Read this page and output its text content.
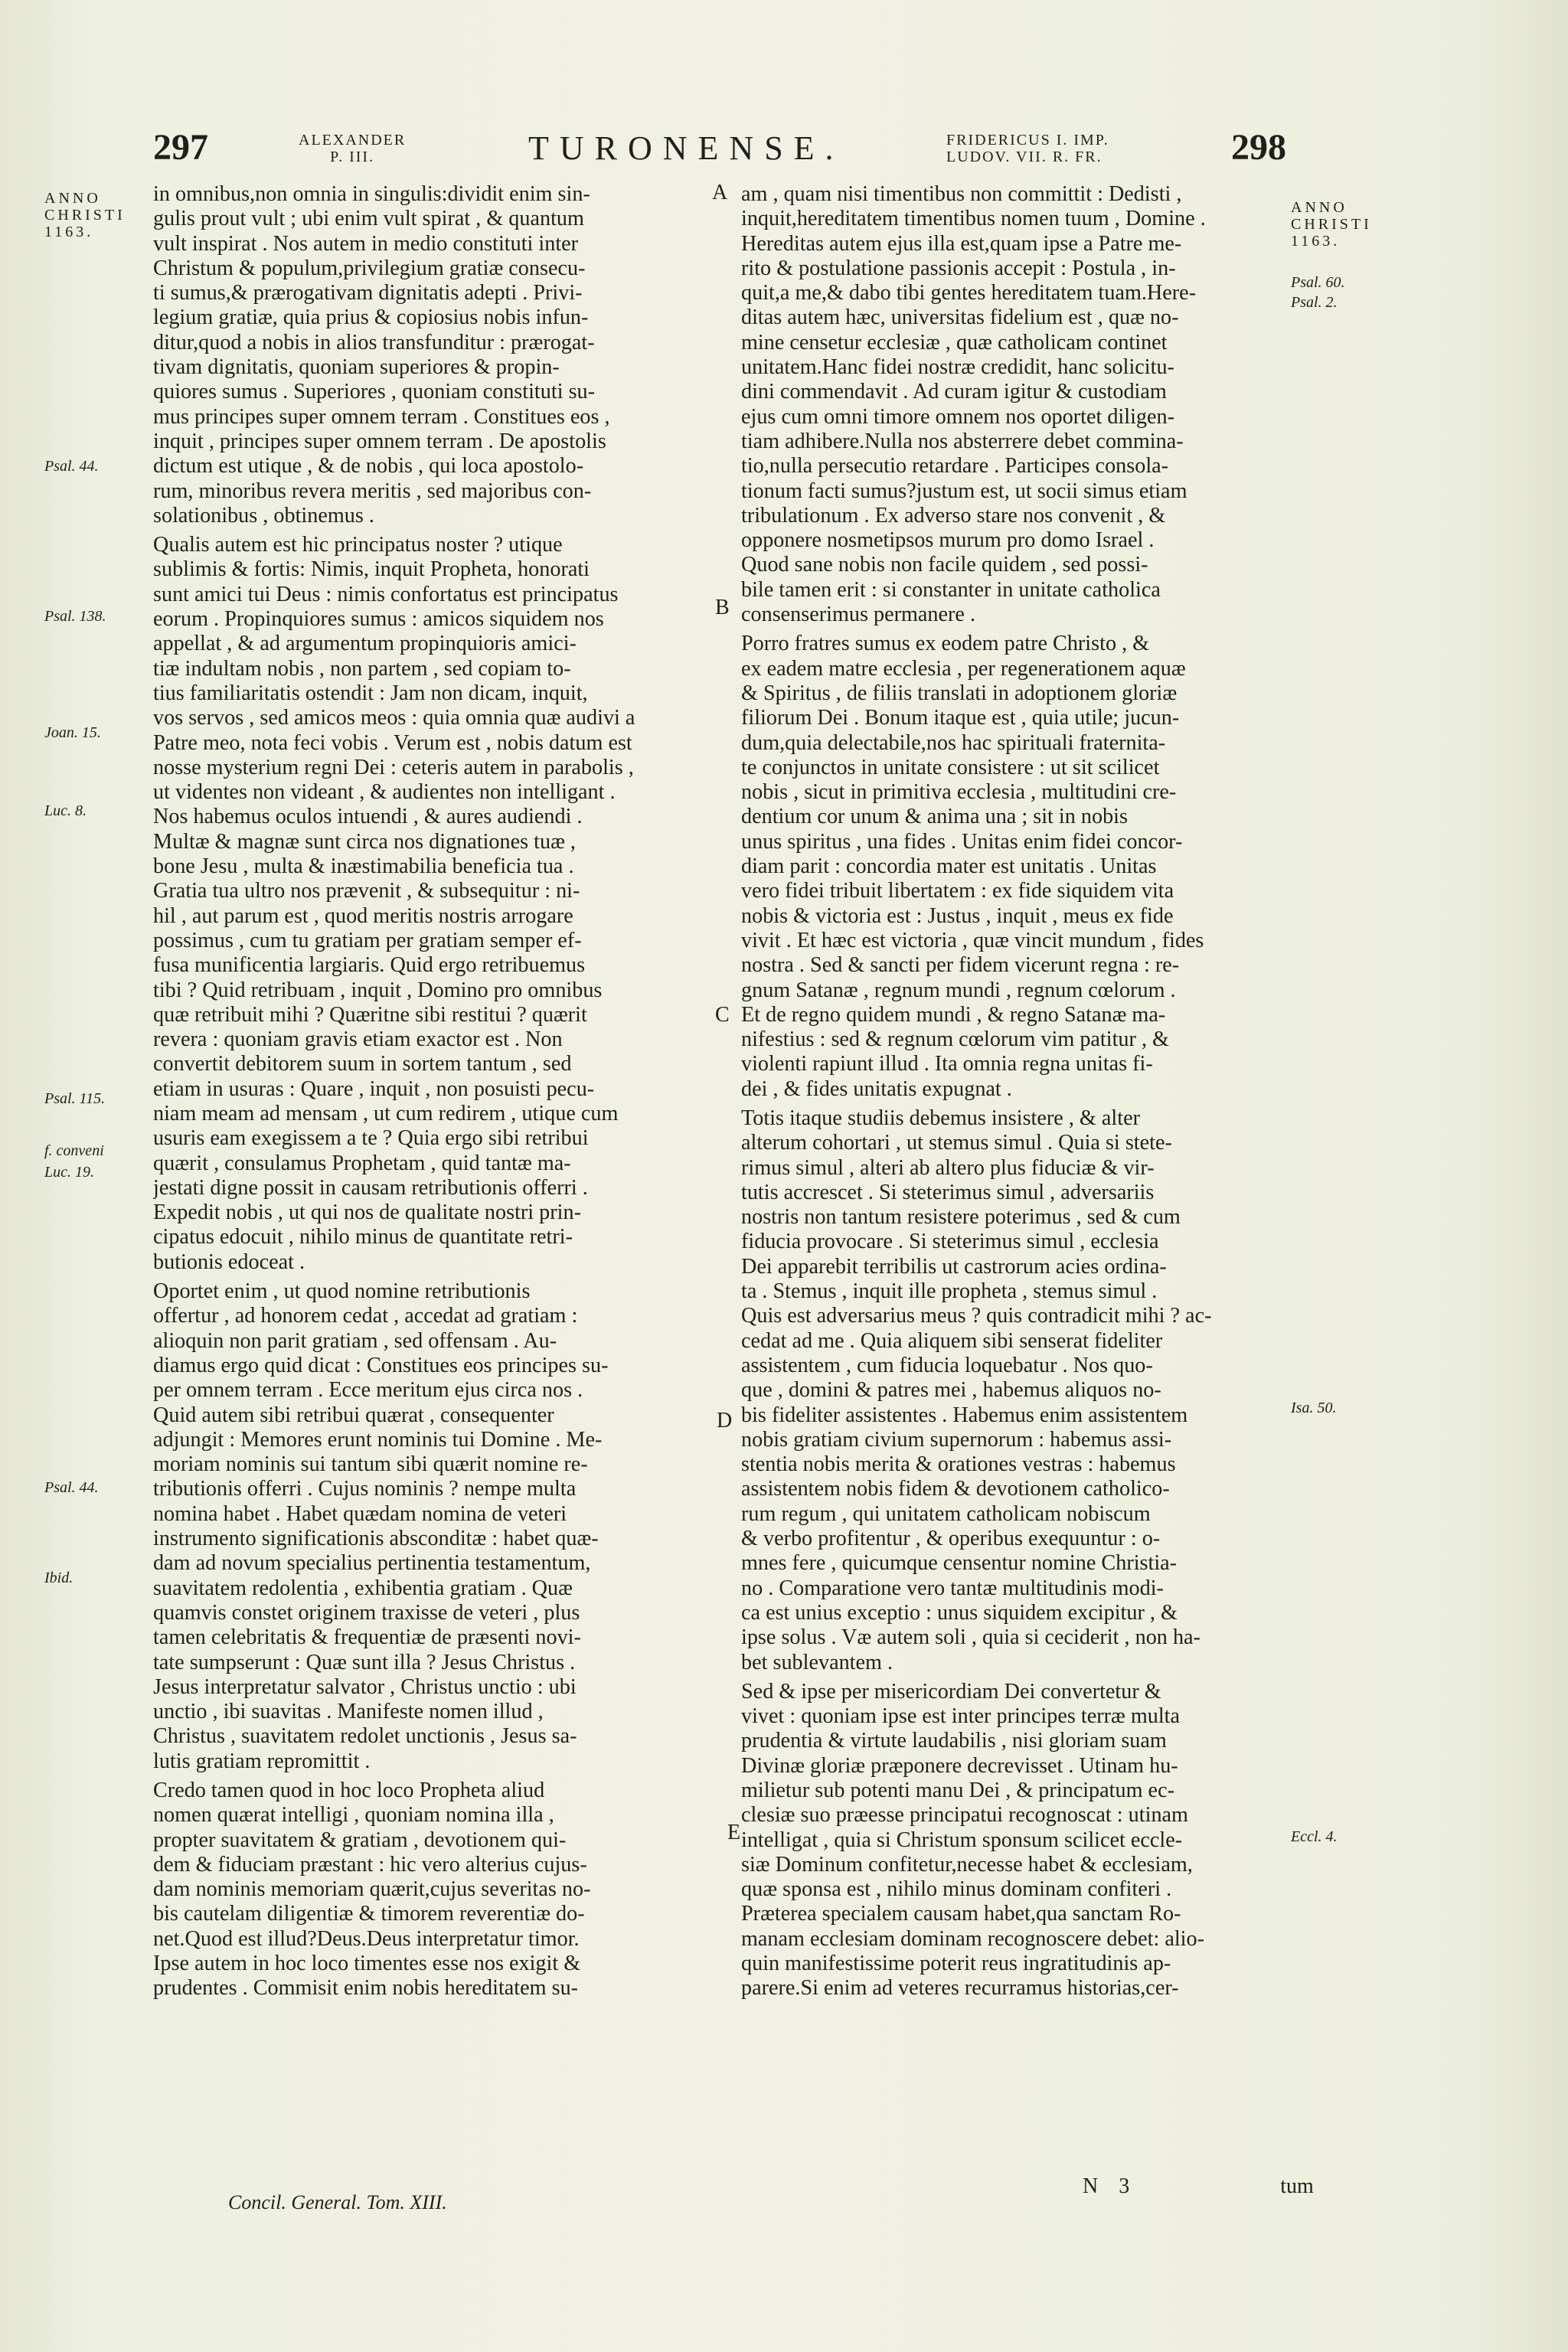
297	ALEXANDER
P. III.	TURONENSE.	FRIDERICUS I. IMP.
LUDOV. VII. R. FR.	298
ANNO
CHRISTI
1163.
Psal. 44.
Psal. 138.
Joan. 15.
Luc. 8.
Psal. 115.
f. conveni
Luc. 19.
Psal. 44.
Ibid.
A
B
C
D
E
in omnibus,non omnia in singulis:dividit enim sin-
gulis prout vult ; ubi enim vult spirat , & quantum
vult inspirat . Nos autem in medio constituti inter
Christum & populum,privilegium gratiæ consecu-
ti sumus,& prærogativam dignitatis adepti . Privi-
legium gratiæ, quia prius & copiosius nobis infun-
ditur,quod a nobis in alios transfunditur : prærogat-
tivam dignitatis, quoniam superiores & propin-
quiores sumus . Superiores , quoniam constituti su-
mus principes super omnem terram . Constitues eos ,
inquit , principes super omnem terram . De apostolis
dictum est utique , & de nobis , qui loca apostolo-
rum, minoribus revera meritis , sed majoribus con-
solationibus , obtinemus .
Qualis autem est hic principatus noster ? utique
sublimis & fortis: Nimis, inquit Propheta, honorati
sunt amici tui Deus : nimis confortatus est principatus
eorum . Propinquiores sumus : amicos siquidem nos
appellat , & ad argumentum propinquioris amici-
tiæ indultam nobis , non partem , sed copiam to-
tius familiaritatis ostendit : Jam non dicam, inquit,
vos servos , sed amicos meos : quia omnia quæ audivi a
Patre meo, nota feci vobis . Verum est , nobis datum est
nosse mysterium regni Dei : ceteris autem in parabolis ,
ut videntes non videant , & audientes non intelligant .
Nos habemus oculos intuendi , & aures audiendi .
Multæ & magnæ sunt circa nos dignationes tuæ ,
bone Jesu , multa & inæstimabilia beneficia tua .
Gratia tua ultro nos prævenit , & subsequitur : ni-
hil , aut parum est , quod meritis nostris arrogare
possimus , cum tu gratiam per gratiam semper ef-
fusa munificentia largiaris. Quid ergo retribuemus
tibi ? Quid retribuam , inquit , Domino pro omnibus
quæ retribuit mihi ? Quæritne sibi restitui ? quærit
revera : quoniam gravis etiam exactor est . Non
convertit debitorem suum in sortem tantum , sed
etiam in usuras : Quare , inquit , non posuisti pecu-
niam meam ad mensam , ut cum redirem , utique cum
usuris eam exegissem a te ? Quia ergo sibi retribui
quærit , consulamus Prophetam , quid tantæ ma-
jestati digne possit in causam retributionis offerri .
Expedit nobis , ut qui nos de qualitate nostri prin-
cipatus edocuit , nihilo minus de quantitate retri-
butionis edoceat .
Oportet enim , ut quod nomine retributionis
offertur , ad honorem cedat , accedat ad gratiam :
alioquin non parit gratiam , sed offensam . Au-
diamus ergo quid dicat : Constitues eos principes su-
per omnem terram . Ecce meritum ejus circa nos .
Quid autem sibi retribui quærat , consequenter
adjungit : Memores erunt nominis tui Domine . Me-
moriam nominis sui tantum sibi quærit nomine re-
tributionis offerri . Cujus nominis ? nempe multa
nomina habet . Habet quædam nomina de veteri
instrumento significationis absconditæ : habet quæ-
dam ad novum specialius pertinentia testamentum,
suavitatem redolentia , exhibentia gratiam . Quæ
quamvis constet originem traxisse de veteri , plus
tamen celebritatis & frequentiæ de præsenti novi-
tate sumpserunt : Quæ sunt illa ? Jesus Christus .
Jesus interpretatur salvator , Christus unctio : ubi
unctio , ibi suavitas . Manifeste nomen illud ,
Christus , suavitatem redolet unctionis , Jesus sa-
lutis gratiam repromittit .
Credo tamen quod in hoc loco Propheta aliud
nomen quærat intelligi , quoniam nomina illa ,
propter suavitatem & gratiam , devotionem qui-
dem & fiduciam præstant : hic vero alterius cujus-
dam nominis memoriam quærit,cujus severitas no-
bis cautelam diligentiæ & timorem reverentiæ do-
net.Quod est illud?Deus.Deus interpretatur timor.
Ipse autem in hoc loco timentes esse nos exigit &
prudentes . Commisit enim nobis hereditatem su-
am , quam nisi timentibus non committit : Dedisti ,
inquit,hereditatem timentibus nomen tuum , Domine .
Hereditas autem ejus illa est,quam ipse a Patre me-
rito & postulatione passionis accepit : Postula , in-
quit,a me,& dabo tibi gentes hereditatem tuam.Here-
ditas autem hæc, universitas fidelium est , quæ no-
mine censetur ecclesiæ , quæ catholicam continet
unitatem.Hanc fidei nostræ credidit, hanc solicitu-
dini commendavit . Ad curam igitur & custodiam
ejus cum omni timore omnem nos oportet diligen-
tiam adhibere.Nulla nos absterrere debet commina-
tio,nulla persecutio retardare . Participes consola-
tionum facti sumus?justum est, ut socii simus etiam
tribulationum . Ex adverso stare nos convenit , &
opponere nosmetipsos murum pro domo Israel .
Quod sane nobis non facile quidem , sed possi-
bile tamen erit : si constanter in unitate catholica
consenserimus permanere .
Porro fratres sumus ex eodem patre Christo , &
ex eadem matre ecclesia , per regenerationem aquæ
& Spiritus , de filiis translati in adoptionem gloriæ
filiorum Dei . Bonum itaque est , quia utile; jucun-
dum,quia delectabile,nos hac spirituali fraternita-
te conjunctos in unitate consistere : ut sit scilicet
nobis , sicut in primitiva ecclesia , multitudini cre-
dentium cor unum & anima una ; sit in nobis
unus spiritus , una fides . Unitas enim fidei concor-
diam parit : concordia mater est unitatis . Unitas
vero fidei tribuit libertatem : ex fide siquidem vita
nobis & victoria est : Justus , inquit , meus ex fide
vivit . Et hæc est victoria , quæ vincit mundum , fides
nostra . Sed & sancti per fidem vicerunt regna : re-
gnum Satanæ , regnum mundi , regnum cœlorum .
Et de regno quidem mundi , & regno Satanæ ma-
nifestius : sed & regnum cœlorum vim patitur , &
violenti rapiunt illud . Ita omnia regna unitas fi-
dei , & fides unitatis expugnat .
Totis itaque studiis debemus insistere , & alter
alterum cohortari , ut stemus simul . Quia si stete-
rimus simul , alteri ab altero plus fiduciæ & vir-
tutis accrescet . Si steterimus simul , adversariis
nostris non tantum resistere poterimus , sed & cum
fiducia provocare . Si steterimus simul , ecclesia
Dei apparebit terribilis ut castrorum acies ordina-
ta . Stemus , inquit ille propheta , stemus simul .
Quis est adversarius meus ? quis contradicit mihi ? ac-
cedat ad me . Quia aliquem sibi senserat fideliter
assistentem , cum fiducia loquebatur . Nos quo-
que , domini & patres mei , habemus aliquos no-
bis fideliter assistentes . Habemus enim assistentem
nobis gratiam civium supernorum : habemus assi-
stentia nobis merita & orationes vestras : habemus
assistentem nobis fidem & devotionem catholico-
rum regum , qui unitatem catholicam nobiscum
& verbo profitentur , & operibus exequuntur : o-
mnes fere , quicumque censentur nomine Christia-
no . Comparatione vero tantæ multitudinis modi-
ca est unius exceptio : unus siquidem excipitur , &
ipse solus . Væ autem soli , quia si ceciderit , non ha-
bet sublevantem .
Sed & ipse per misericordiam Dei convertetur &
vivet : quoniam ipse est inter principes terræ multa
prudentia & virtute laudabilis , nisi gloriam suam
Divinæ gloriæ præponere decrevisset . Utinam hu-
milietur sub potenti manu Dei , & principatum ec-
clesiæ suo præesse principatui recognoscat : utinam
intelligat , quia si Christum sponsum scilicet eccle-
siæ Dominum confitetur,necesse habet & ecclesiam,
quæ sponsa est , nihilo minus dominam confiteri .
Præterea specialem causam habet,qua sanctam Ro-
manam ecclesiam dominam recognoscere debet: alio-
quin manifestissime poterit reus ingratitudinis ap-
parere.Si enim ad veteres recurramus historias,cer-
ANNO
CHRISTI
1163.
Psal. 60.
Psal. 2.
Isa. 50.
Eccl. 4.
Concil. General. Tom. XIII.
N 3	tum
